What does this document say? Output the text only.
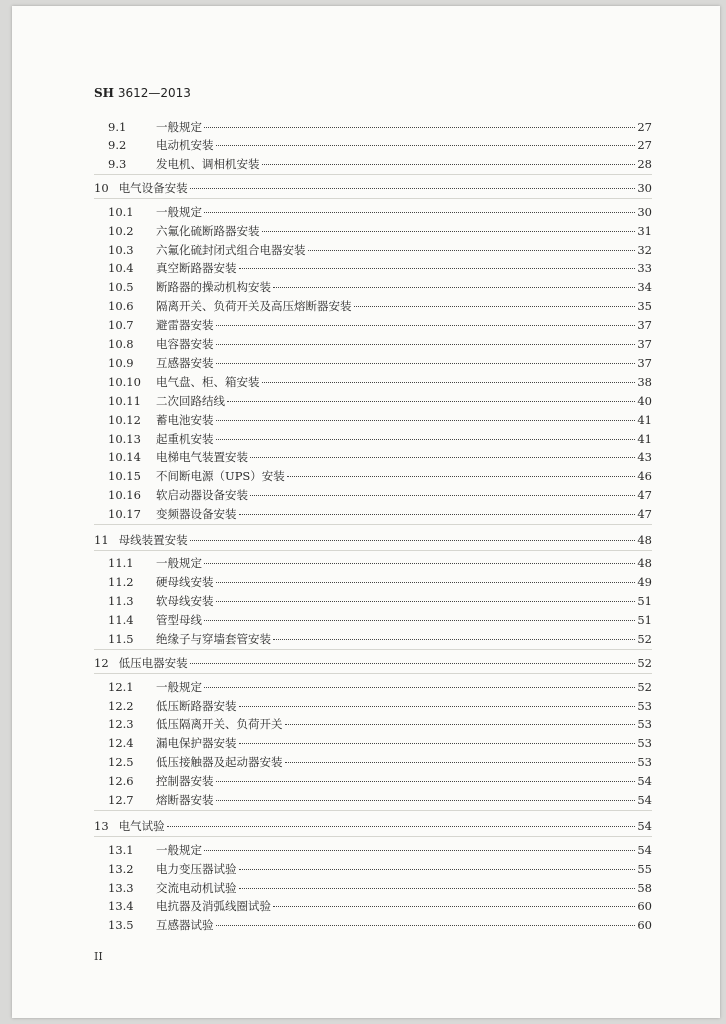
SH 3612—2013
9.1	一般规定	27
9.2	电动机安装	27
9.3	发电机、调相机安装	28
10 电气设备安装	30
10.1	一般规定	30
10.2	六氟化硫断路器安装	31
10.3	六氟化硫封闭式组合电器安装	32
10.4	真空断路器安装	33
10.5	断路器的操动机构安装	34
10.6	隔离开关、负荷开关及高压熔断器安装	35
10.7	避雷器安装	37
10.8	电容器安装	37
10.9	互感器安装	37
10.10	电气盘、柜、箱安装	38
10.11	二次回路结线	40
10.12	蓄电池安装	41
10.13	起重机安装	41
10.14	电梯电气装置安装	43
10.15	不间断电源（UPS）安装	46
10.16	软启动器设备安装	47
10.17	变频器设备安装	47
11 母线装置安装	48
11.1	一般规定	48
11.2	硬母线安装	49
11.3	软母线安装	51
11.4	管型母线	51
11.5	绝缘子与穿墙套管安装	52
12 低压电器安装	52
12.1	一般规定	52
12.2	低压断路器安装	53
12.3	低压隔离开关、负荷开关	53
12.4	漏电保护器安装	53
12.5	低压接触器及起动器安装	53
12.6	控制器安装	54
12.7	熔断器安装	54
13 电气试验	54
13.1	一般规定	54
13.2	电力变压器试验	55
13.3	交流电动机试验	58
13.4	电抗器及消弧线圈试验	60
13.5	互感器试验	60
II
